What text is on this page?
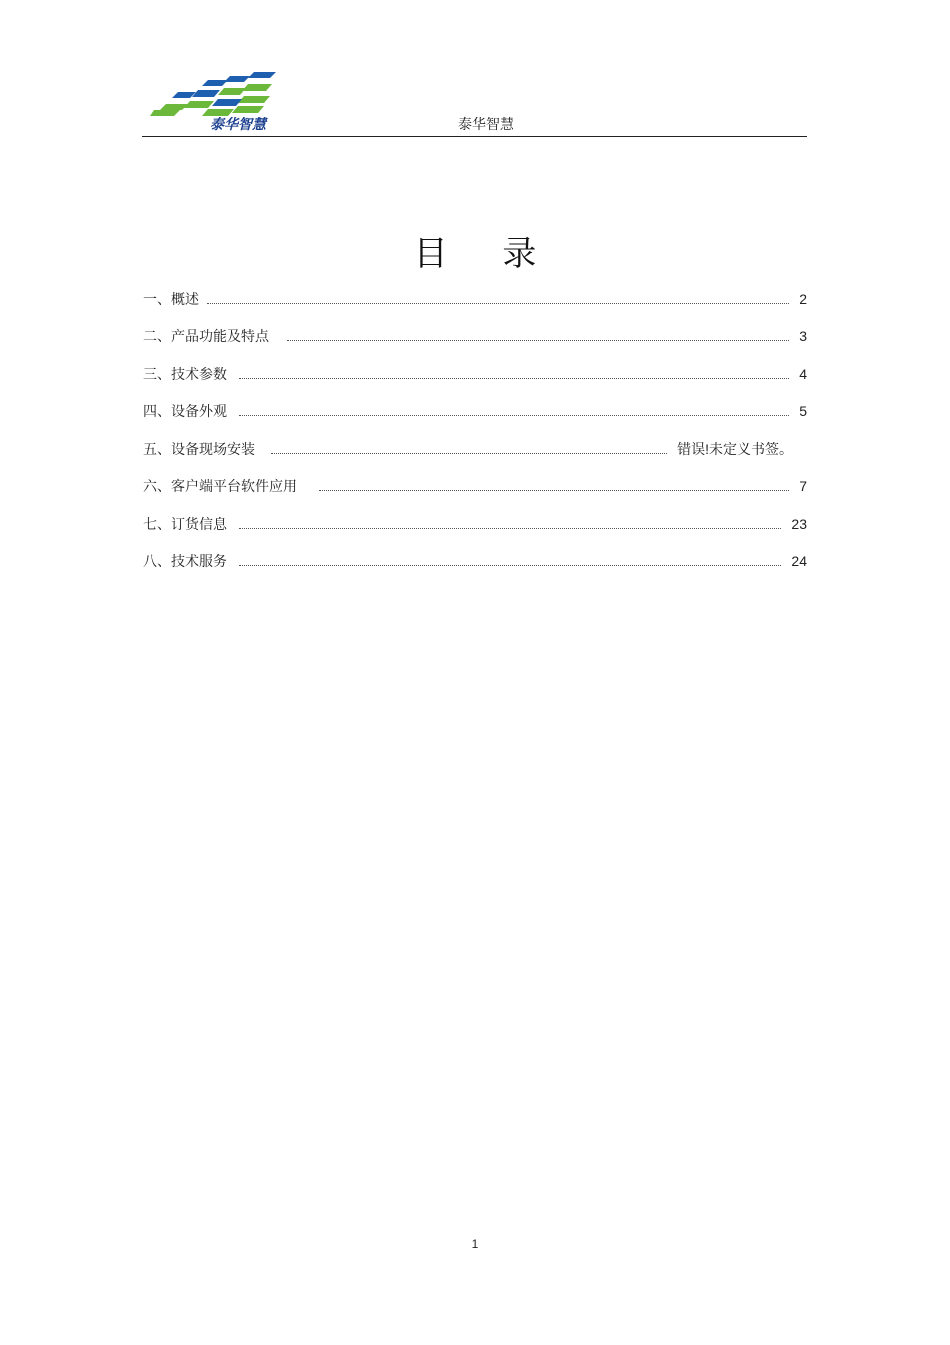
泰华智慧	泰华智慧
目 录
一、概述	2
二、产品功能及特点	3
三、技术参数	4
四、设备外观	5
五、设备现场安装	错误!未定义书签。
六、客户端平台软件应用	7
七、订货信息	23
八、技术服务	24
1
